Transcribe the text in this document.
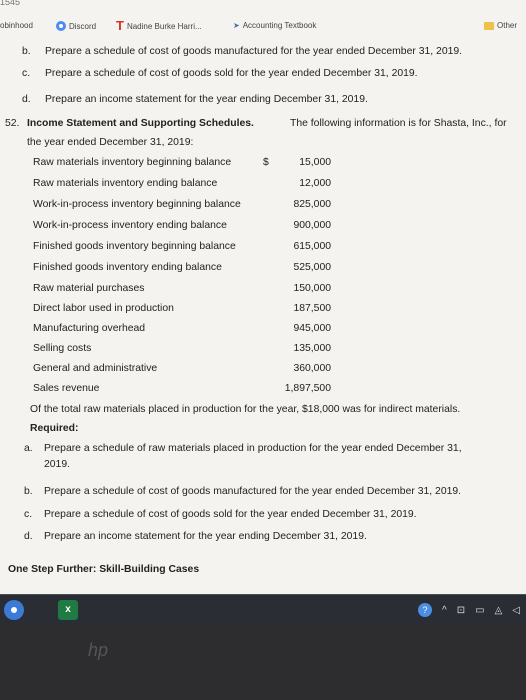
1545
obinhood	Discord T Nadine Burke Harri...	➤ Accounting Textbook	Other
b. Prepare a schedule of cost of goods manufactured for the year ended December 31, 2019.
c. Prepare a schedule of cost of goods sold for the year ended December 31, 2019.
d. Prepare an income statement for the year ending December 31, 2019.
52. Income Statement and Supporting Schedules.	The following information is for Shasta, Inc., for
the year ended December 31, 2019:
$
Raw materials inventory beginning balance	15,000
Raw materials inventory ending balance	12,000
Work-in-process inventory beginning balance	825,000
Work-in-process inventory ending balance	900,000
Finished goods inventory beginning balance	615,000
Finished goods inventory ending balance	525,000
Raw material purchases	150,000
Direct labor used in production	187,500
Manufacturing overhead	945,000
Selling costs	135,000
General and administrative	360,000
Sales revenue	1,897,500
Of the total raw materials placed in production for the year, $18,000 was for indirect materials.
Required:
a. Prepare a schedule of raw materials placed in production for the year ended December 31,
2019.
b. Prepare a schedule of cost of goods manufactured for the year ended December 31, 2019.
c. Prepare a schedule of cost of goods sold for the year ended December 31, 2019.
d. Prepare an income statement for the year ending December 31, 2019.
One Step Further: Skill-Building Cases
x	?	^ ⊡ ▭ ◬ ◁
hp
